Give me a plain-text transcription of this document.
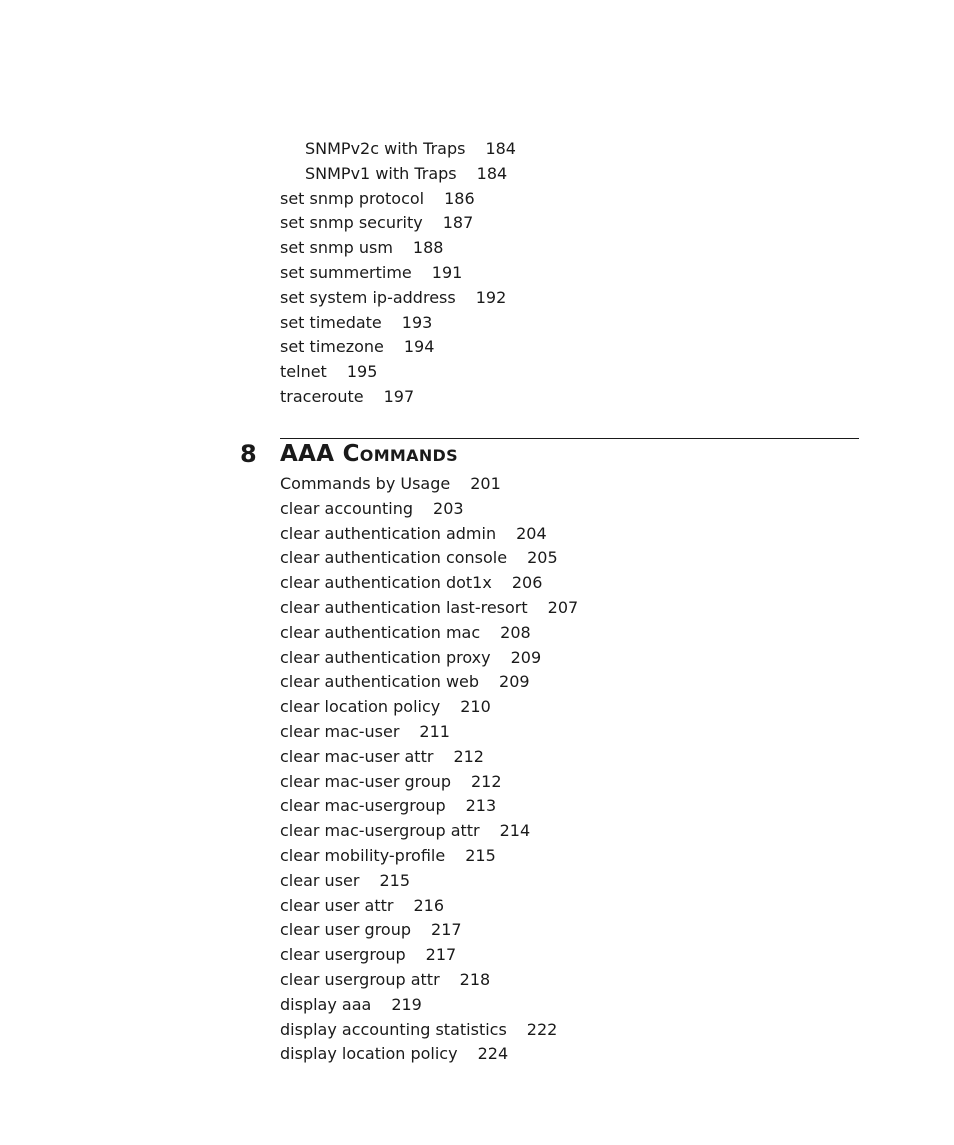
SNMPv2c with Traps 184
SNMPv1 with Traps 184
set snmp protocol 186
set snmp security 187
set snmp usm 188
set summertime 191
set system ip-address 192
set timedate 193
set timezone 194
telnet 195
traceroute 197
8 AAA Commands
Commands by Usage 201
clear accounting 203
clear authentication admin 204
clear authentication console 205
clear authentication dot1x 206
clear authentication last-resort 207
clear authentication mac 208
clear authentication proxy 209
clear authentication web 209
clear location policy 210
clear mac-user 211
clear mac-user attr 212
clear mac-user group 212
clear mac-usergroup 213
clear mac-usergroup attr 214
clear mobility-profile 215
clear user 215
clear user attr 216
clear user group 217
clear usergroup 217
clear usergroup attr 218
display aaa 219
display accounting statistics 222
display location policy 224
